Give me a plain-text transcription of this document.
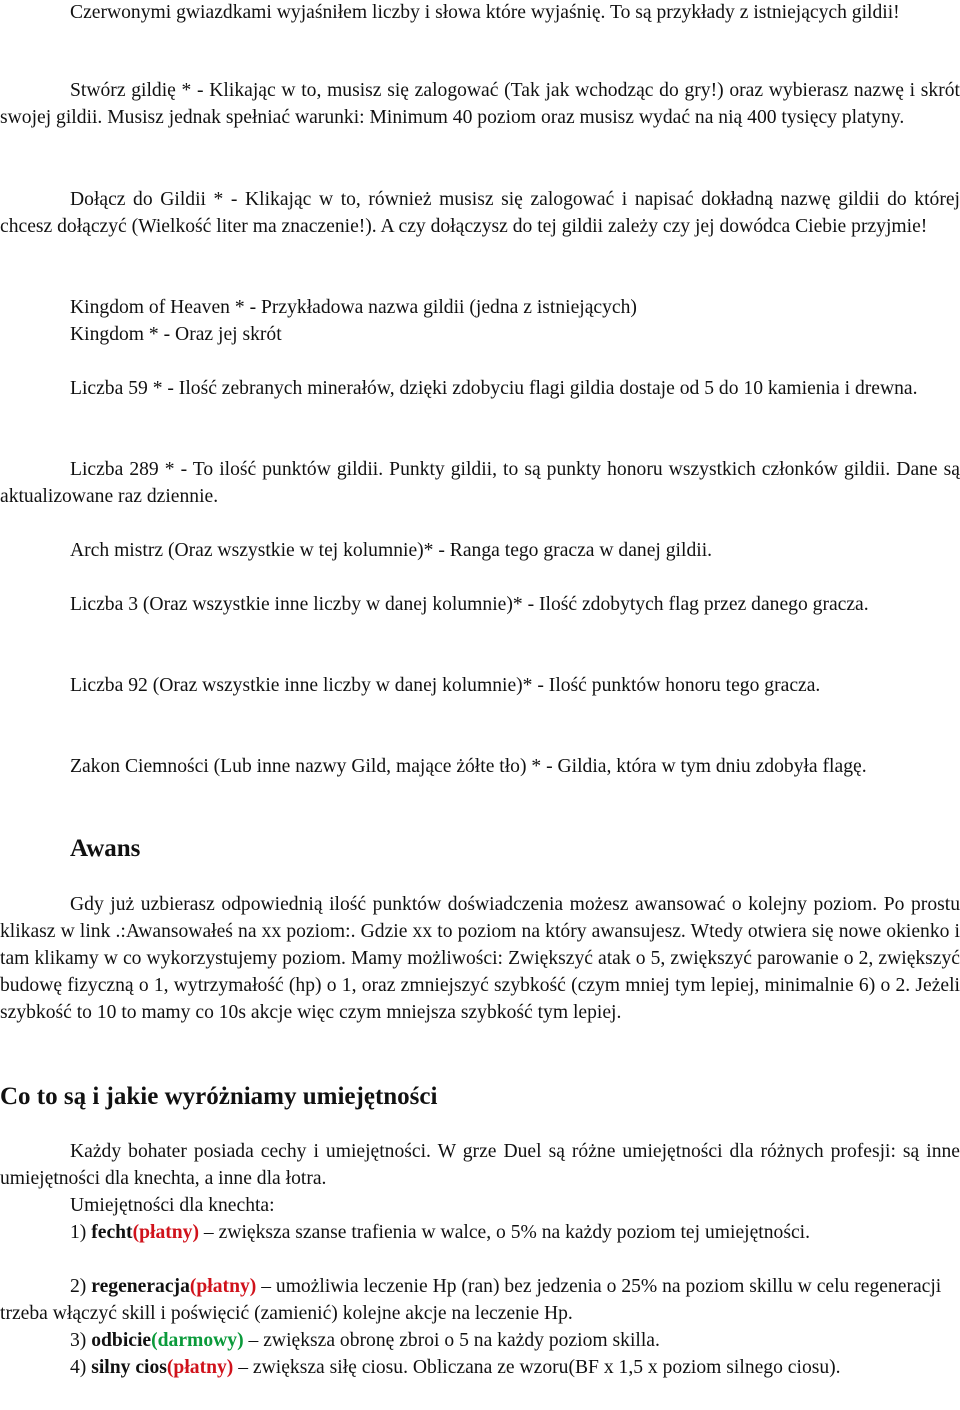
Czerwonymi gwiazdkami wyjaśniłem liczby i słowa które wyjaśnię. To są przykłady z istniejących gildii!

Stwórz gildię * - Klikając w to, musisz się zalogować (Tak jak wchodząc do gry!) oraz wybierasz nazwę i skrót swojej gildii. Musisz jednak spełniać warunki: Minimum 40 poziom oraz musisz wydać na nią 400 tysięcy platyny.

Dołącz do Gildii * - Klikając w to, również musisz się zalogować i napisać dokładną nazwę gildii do której chcesz dołączyć (Wielkość liter ma znaczenie!). A czy dołączysz do tej gildii zależy czy jej dowódca Ciebie przyjmie!

Kingdom of Heaven * - Przykładowa nazwa gildii (jedna z istniejących)

Kingdom * - Oraz jej skrót

Liczba 59 * - Ilość zebranych minerałów, dzięki zdobyciu flagi gildia dostaje od 5 do 10 kamienia i drewna.

Liczba 289 * - To ilość punktów gildii. Punkty gildii, to są punkty honoru wszystkich członków gildii. Dane są aktualizowane raz dziennie.

Arch mistrz (Oraz wszystkie w tej kolumnie)* - Ranga tego gracza w danej gildii.

Liczba 3 (Oraz wszystkie inne liczby w danej kolumnie)* - Ilość zdobytych flag przez danego gracza.

Liczba 92 (Oraz wszystkie inne liczby w danej kolumnie)* - Ilość punktów honoru tego gracza.

Zakon Ciemności (Lub inne nazwy Gild, mające żółte tło) * - Gildia, która w tym dniu zdobyła flagę.

Awans

Gdy już uzbierasz odpowiednią ilość punktów doświadczenia możesz awansować o kolejny poziom. Po prostu klikasz w link .:Awansowałeś na xx poziom:. Gdzie xx to poziom na który awansujesz. Wtedy otwiera się nowe okienko i tam klikamy w co wykorzystujemy poziom. Mamy możliwości: Zwiększyć atak o 5, zwiększyć parowanie o 2, zwiększyć budowę fizyczną o 1, wytrzymałość (hp) o 1, oraz zmniejszyć szybkość (czym mniej tym lepiej, minimalnie 6) o 2. Jeżeli szybkość to 10 to mamy co 10s akcje więc czym mniejsza szybkość tym lepiej.

Co to są i jakie wyróżniamy umiejętności

Każdy bohater posiada cechy i umiejętności. W grze Duel są różne umiejętności dla różnych profesji: są inne umiejętności dla knechta, a inne dla łotra.

Umiejętności dla knechta:

1) fecht(płatny) – zwiększa szanse trafienia w walce, o 5% na każdy poziom tej umiejętności.

2) regeneracja(płatny) – umożliwia leczenie Hp (ran) bez jedzenia o 25% na poziom skillu w celu regeneracji trzeba włączyć skill i poświęcić (zamienić) kolejne akcje na leczenie Hp.

3) odbicie(darmowy) – zwiększa obronę zbroi o 5 na każdy poziom skilla.

4) silny cios(płatny) – zwiększa siłę ciosu. Obliczana ze wzoru(BF x 1,5 x poziom silnego ciosu).
